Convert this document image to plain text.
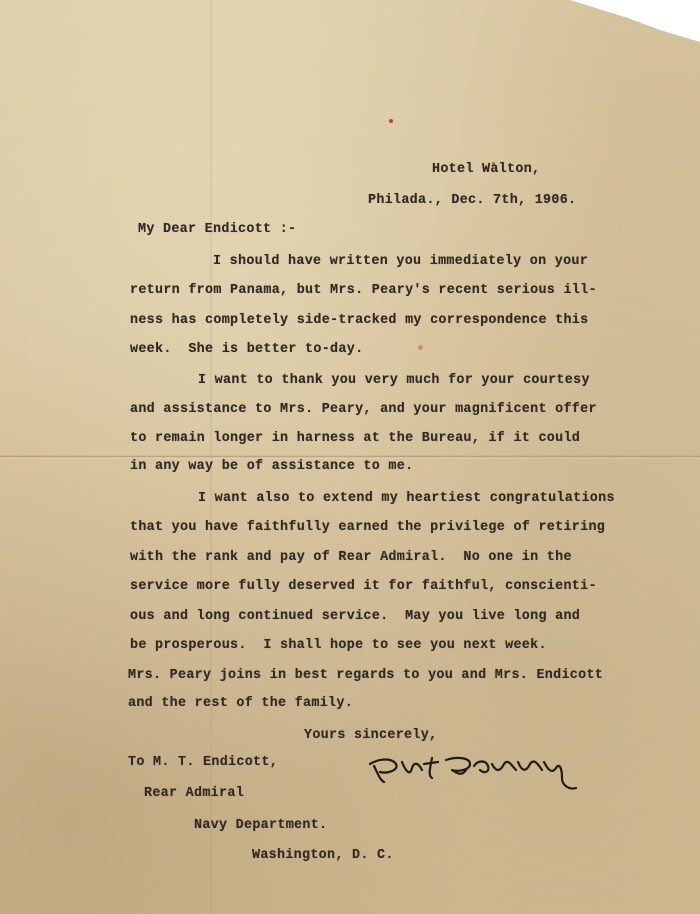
Hotel Walton,

Philada., Dec. 7th, 1906.

My Dear Endicott :-

I should have written you immediately on your

return from Panama, but Mrs. Peary's recent serious ill-

ness has completely side-tracked my correspondence this

week.  She is better to-day.

I want to thank you very much for your courtesy

and assistance to Mrs. Peary, and your magnificent offer

to remain longer in harness at the Bureau, if it could

in any way be of assistance to me.

I want also to extend my heartiest congratulations

that you have faithfully earned the privilege of retiring

with the rank and pay of Rear Admiral.  No one in the

service more fully deserved it for faithful, conscienti-

ous and long continued service.  May you live long and

be prosperous.  I shall hope to see you next week.

Mrs. Peary joins in best regards to you and Mrs. Endicott

and the rest of the family.

Yours sincerely,

To M. T. Endicott,

Rear Admiral

Navy Department.

Washington, D. C.
